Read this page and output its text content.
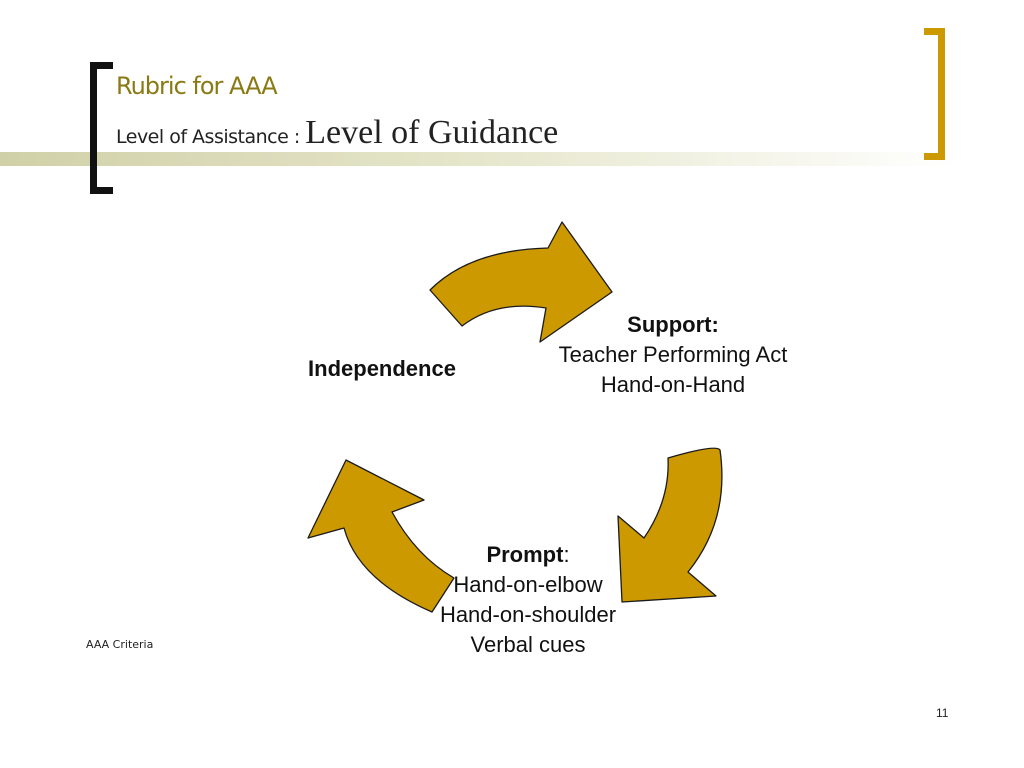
Rubric for AAA
Level of Assistance : Level of Guidance
Independence
Support:
Teacher Performing Act
Hand-on-Hand
Prompt:
Hand-on-elbow
Hand-on-shoulder
Verbal cues
AAA Criteria
11
